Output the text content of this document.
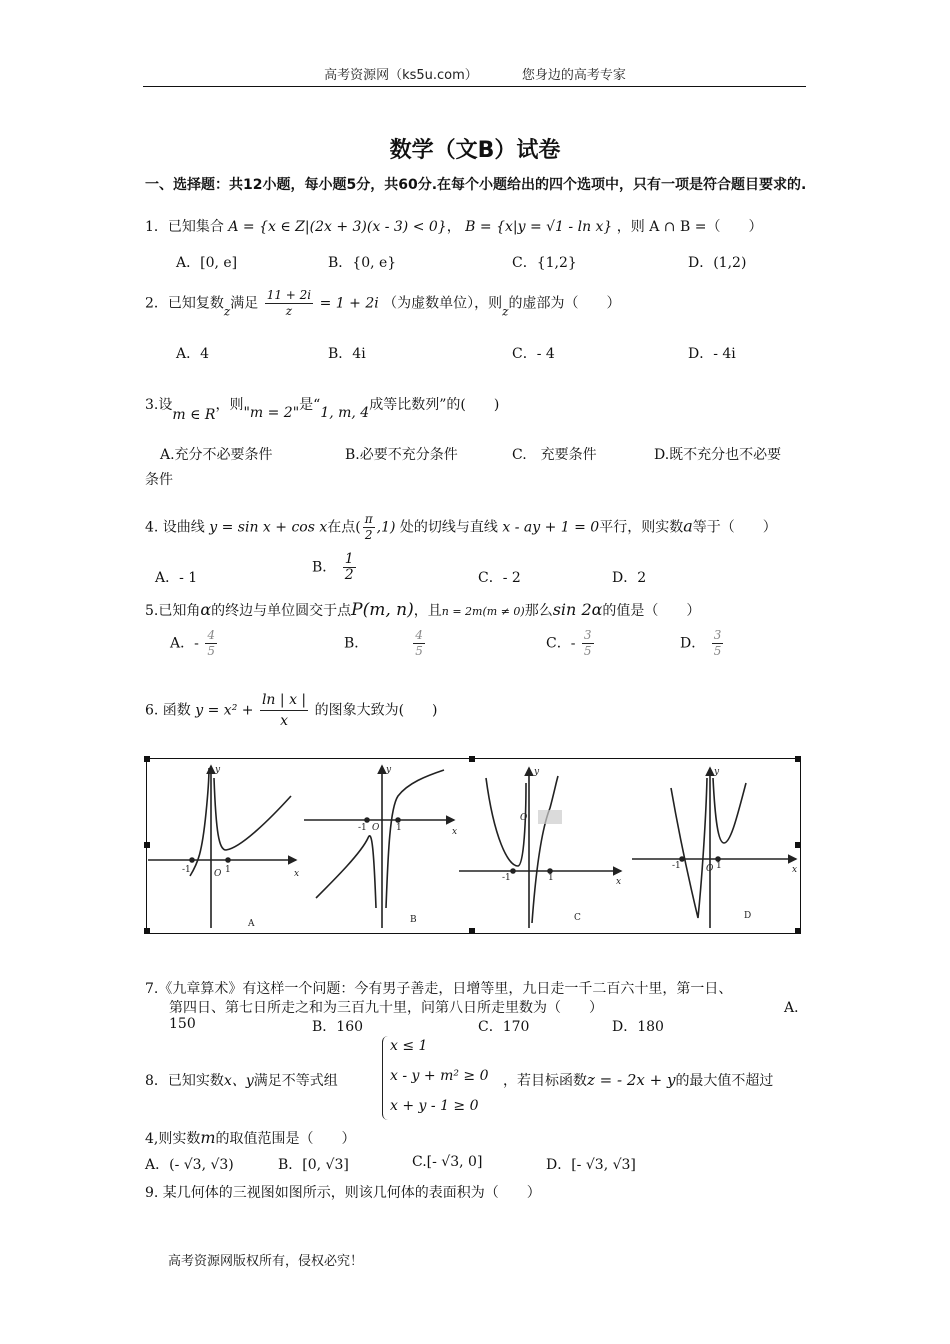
高考资源网（ks5u.com）	您身边的高考专家
数学（文B）试卷
一、选择题：共12小题，每小题5分，共60分.在每个小题给出的四个选项中，只有一项是符合题目要求的.
1．已知集合 A = {x ∈ Z|(2x + 3)(x - 3) < 0}， B = {x|y = √1 - ln x} ，则 A ∩ B =（　　）
A．[0, e]	B．{0, e}	C．{1,2}	D．(1,2)
2．已知复数z满足 $\frac{11 + 2i}{z} = 1 + 2i$ （为虚数单位），则z的虚部为（　　）
A．4	B．4i	C．- 4	D．- 4i
3.设m ∈ R，则"m = 2"是“1, m, 4成等比数列”的(　　)
A.充分不必要条件	B.必要不充分条件	C.　充要条件	D.既不充分也不必要
条件
4. 设曲线 y = sin x + cos x在点( $\frac{\pi}{2} ,1$) 处的切线与直线 x - ay + 1 = 0平行，则实数a等于（　　）
A．- 1
B． $\frac{1}{2}$	C．- 2	D．2
5.已知角α的终边与单位圆交于点P(m, n)，且n = 2m(m ≠ 0)那么sin 2α的值是（　　）
A．- $\frac{4}{5}$	B．	$\frac{4}{5}$	C．- $\frac{3}{5}$	D． $\frac{3}{5}$
6. 函数 $y = x^2 + \frac{\ln | x |}{x}$ 的图象大致为(　　)
x
y
O
-1	1
A
x
y
O
-1	1
B
x
y
O
-1	1
C
x
y
O
-1	1
D
7.《九章算术》有这样一个问题：今有男子善走，日增等里，九日走一千二百六十里，第一日、
第四日、第七日所走之和为三百九十里，问第八日所走里数为（　　）	A．
150	B．160	C．170	D．180
8．已知实数x、y满足不等式组
x ≤ 1
x - y + m² ≥ 0
x + y - 1 ≥ 0
，若目标函数z = - 2x + y的最大值不超过
4,则实数m的取值范围是（　　）
A．(- √3, √3)	B．[0, √3]	C.[- √3, 0]	D．[- √3, √3]
9. 某几何体的三视图如图所示，则该几何体的表面积为（　　）
高考资源网版权所有，侵权必究！
